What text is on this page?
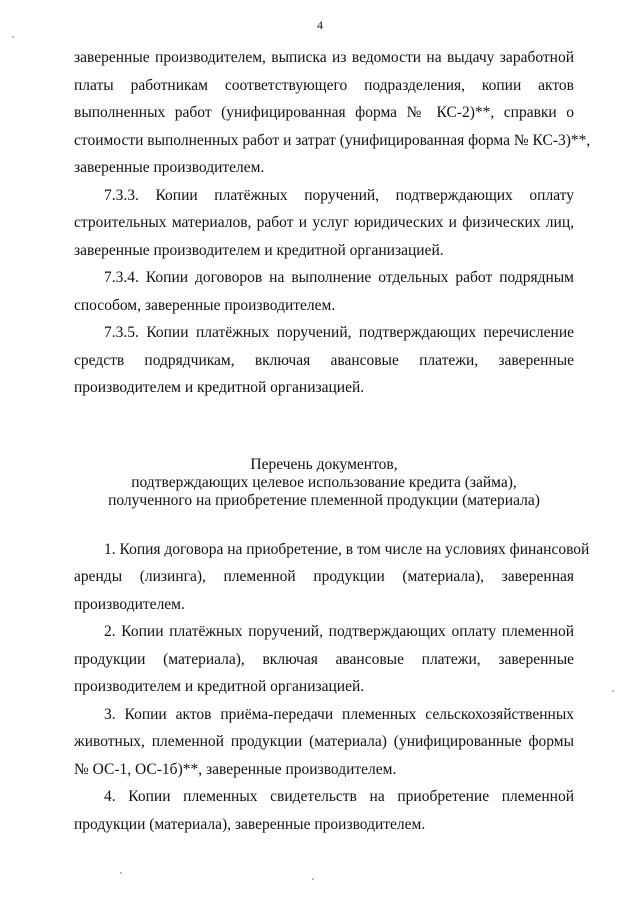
4

заверенные производителем, выписка из ведомости на выдачу заработной
платы работникам соответствующего подразделения, копии актов
выполненных работ (унифицированная форма № КС-2)**, справки о
стоимости выполненных работ и затрат (унифицированная форма № КС-3)**,
заверенные производителем.

7.3.3. Копии платёжных поручений, подтверждающих оплату
строительных материалов, работ и услуг юридических и физических лиц,
заверенные производителем и кредитной организацией.

7.3.4. Копии договоров на выполнение отдельных работ подрядным
способом, заверенные производителем.

7.3.5. Копии платёжных поручений, подтверждающих перечисление
средств подрядчикам, включая авансовые платежи, заверенные
производителем и кредитной организацией.

Перечень документов,
подтверждающих целевое использование кредита (займа),
полученного на приобретение племенной продукции (материала)

1. Копия договора на приобретение, в том числе на условиях финансовой
аренды (лизинга), племенной продукции (материала), заверенная
производителем.

2. Копии платёжных поручений, подтверждающих оплату племенной
продукции (материала), включая авансовые платежи, заверенные
производителем и кредитной организацией.

3. Копии актов приёма-передачи племенных сельскохозяйственных
животных, племенной продукции (материала) (унифицированные формы
№ ОС-1, ОС-1б)**, заверенные производителем.

4. Копии племенных свидетельств на приобретение племенной
продукции (материала), заверенные производителем.
